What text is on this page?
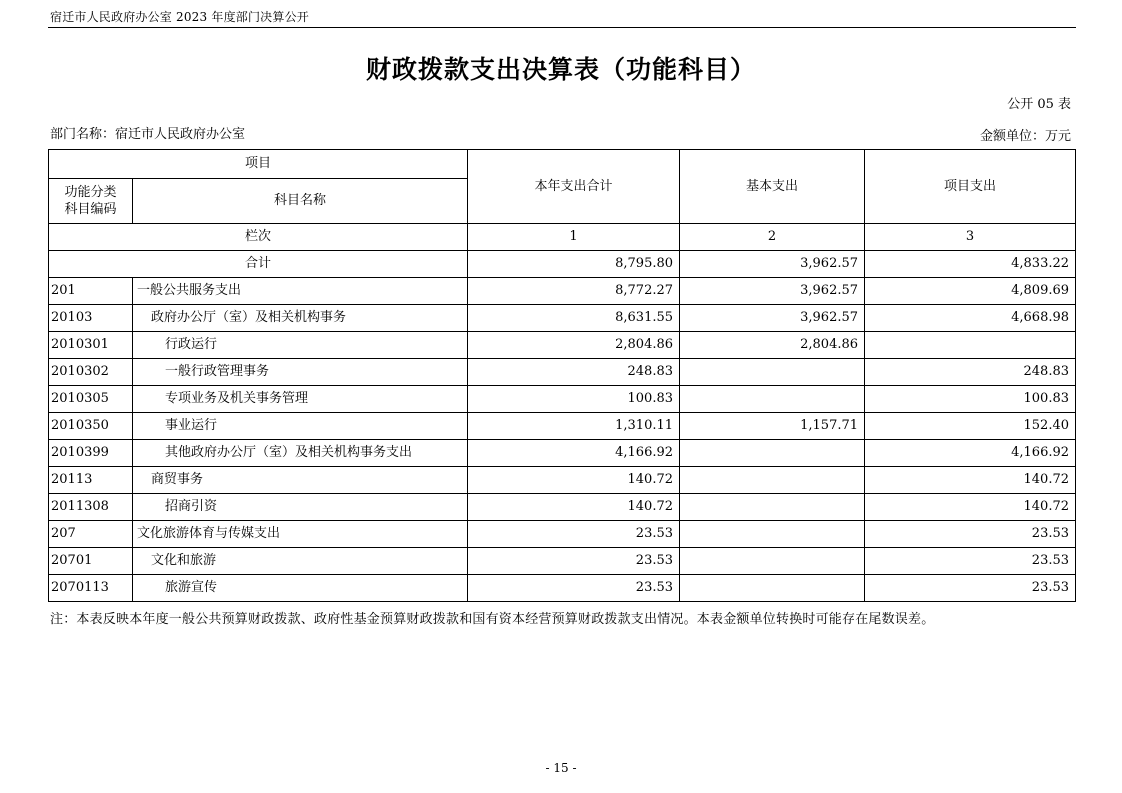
宿迁市人民政府办公室 2023 年度部门决算公开
财政拨款支出决算表（功能科目）
公开 05 表
部门名称：宿迁市人民政府办公室	金额单位：万元
项目		本年支出合计	基本支出	项目支出
功能分类
科目编码	科目名称			
栏次		1	2	3
合计		8,795.80	3,962.57	4,833.22
201	一般公共服务支出	8,772.27	3,962.57	4,809.69
20103	政府办公厅（室）及相关机构事务	8,631.55	3,962.57	4,668.98
2010301	行政运行	2,804.86	2,804.86	
2010302	一般行政管理事务	248.83		248.83
2010305	专项业务及机关事务管理	100.83		100.83
2010350	事业运行	1,310.11	1,157.71	152.40
2010399	其他政府办公厅（室）及相关机构事务支出	4,166.92		4,166.92
20113	商贸事务	140.72		140.72
2011308	招商引资	140.72		140.72
207	文化旅游体育与传媒支出	23.53		23.53
20701	文化和旅游	23.53		23.53
2070113	旅游宣传	23.53		23.53
注：本表反映本年度一般公共预算财政拨款、政府性基金预算财政拨款和国有资本经营预算财政拨款支出情况。本表金额单位转换时可能存在尾数误差。
- 15 -
